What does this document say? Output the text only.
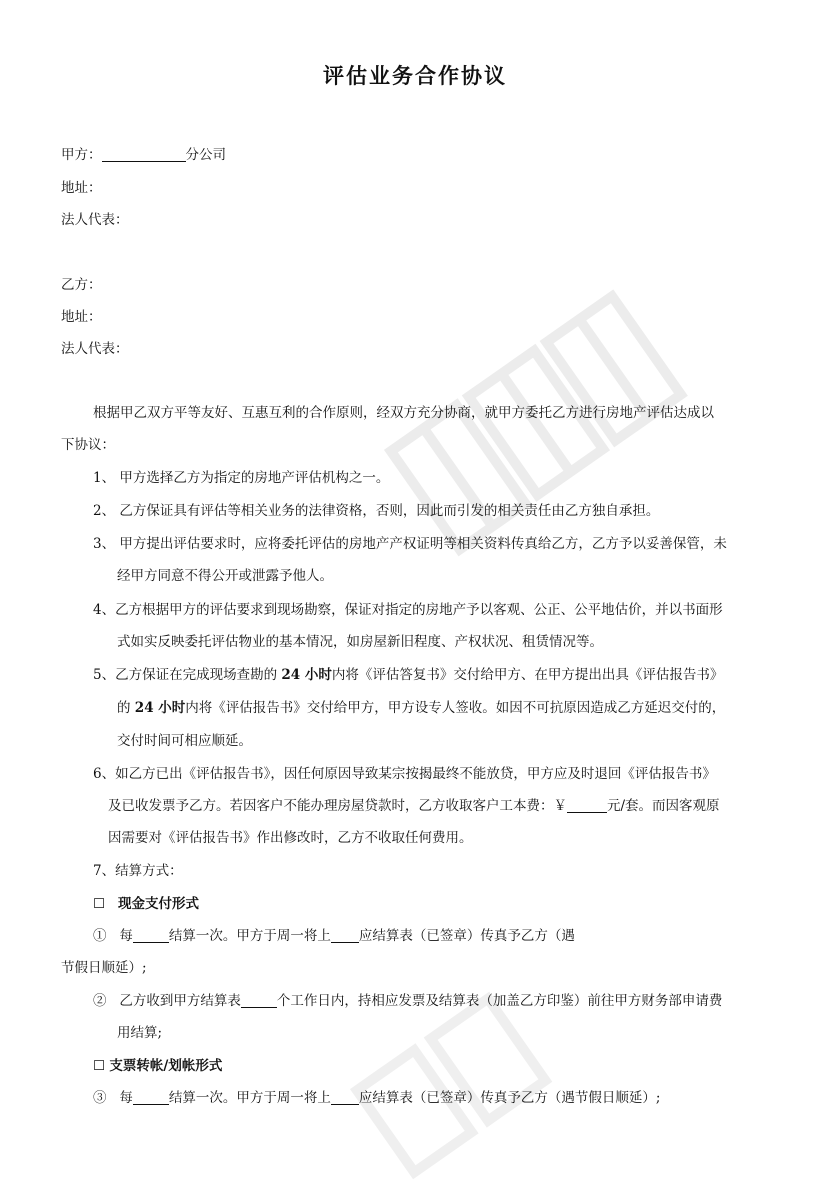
评估业务合作协议
甲方：	分公司
地址：
法人代表：
乙方：
地址：
法人代表：
根据甲乙双方平等友好、互惠互利的合作原则，经双方充分协商，就甲方委托乙方进行房地产评估达成以
下协议：
1、 甲方选择乙方为指定的房地产评估机构之一。
2、 乙方保证具有评估等相关业务的法律资格，否则，因此而引发的相关责任由乙方独自承担。
3、 甲方提出评估要求时，应将委托评估的房地产产权证明等相关资料传真给乙方，乙方予以妥善保管，未
经甲方同意不得公开或泄露予他人。
4、乙方根据甲方的评估要求到现场勘察，保证对指定的房地产予以客观、公正、公平地估价，并以书面形
式如实反映委托评估物业的基本情况，如房屋新旧程度、产权状况、租赁情况等。
5、乙方保证在完成现场查勘的 24 小时内将《评估答复书》交付给甲方、在甲方提出出具《评估报告书》
的 24 小时内将《评估报告书》交付给甲方，甲方设专人签收。如因不可抗原因造成乙方延迟交付的，
交付时间可相应顺延。
6、如乙方已出《评估报告书》，因任何原因导致某宗按揭最终不能放贷，甲方应及时退回《评估报告书》
及已收发票予乙方。若因客户不能办理房屋贷款时，乙方收取客户工本费：￥	元/套。而因客观原
因需要对《评估报告书》作出修改时，乙方不收取任何费用。
7、结算方式：
☐ 现金支付形式
① 每	结算一次。甲方于周一将上 应结算表（已签章）传真予乙方（遇
节假日顺延）;
② 乙方收到甲方结算表	个工作日内，持相应发票及结算表（加盖乙方印鉴）前往甲方财务部申请费
用结算;
☐ 支票转帐/划帐形式
③ 每	结算一次。甲方于周一将上 应结算表（已签章）传真予乙方（遇节假日顺延）;
